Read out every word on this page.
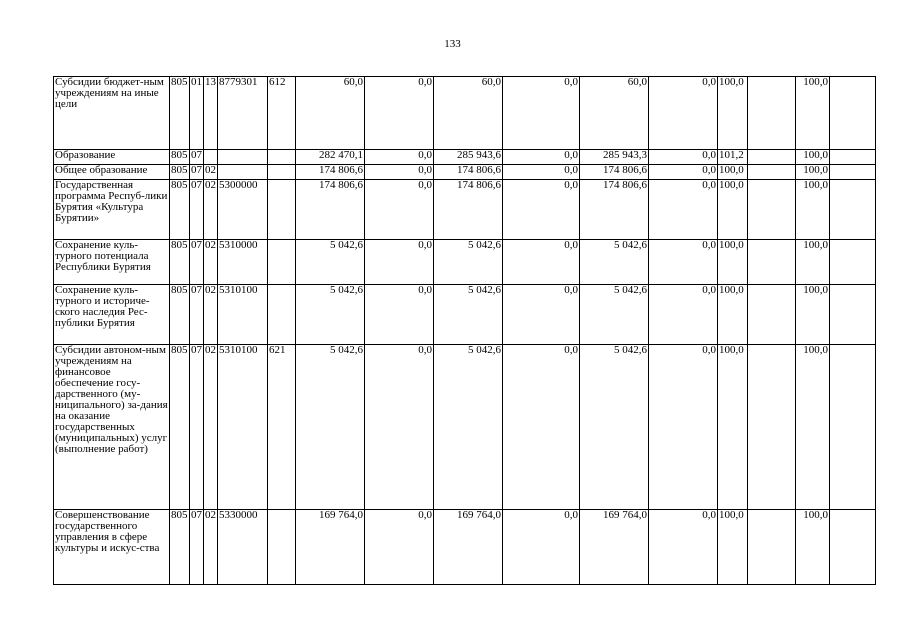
133
Субсидии бюджет-ным учреждениям на иные цели	805	01	13	8779301	612	60,0	0,0	60,0	0,0	60,0	0,0	100,0		100,0	
Образование	805	07				282 470,1	0,0	285 943,6	0,0	285 943,3	0,0	101,2		100,0	
Общее образование	805	07	02			174 806,6	0,0	174 806,6	0,0	174 806,6	0,0	100,0		100,0	
Государственная программа Респуб-лики Бурятия «Культура Бурятии»	805	07	02	5300000		174 806,6	0,0	174 806,6	0,0	174 806,6	0,0	100,0		100,0	
Сохранение куль-турного потенциала Республики Бурятия	805	07	02	5310000		5 042,6	0,0	5 042,6	0,0	5 042,6	0,0	100,0		100,0	
Сохранение куль-турного и историче-ского наследия Рес-публики Бурятия	805	07	02	5310100		5 042,6	0,0	5 042,6	0,0	5 042,6	0,0	100,0		100,0	
Субсидии автоном-ным учреждениям на финансовое обеспечение госу-дарственного (му-ниципального) за-дания на оказание государственных (муниципальных) услуг (выполнение работ)	805	07	02	5310100	621	5 042,6	0,0	5 042,6	0,0	5 042,6	0,0	100,0		100,0	
Совершенствование государственного управления в сфере культуры и искус-ства	805	07	02	5330000		169 764,0	0,0	169 764,0	0,0	169 764,0	0,0	100,0		100,0	
